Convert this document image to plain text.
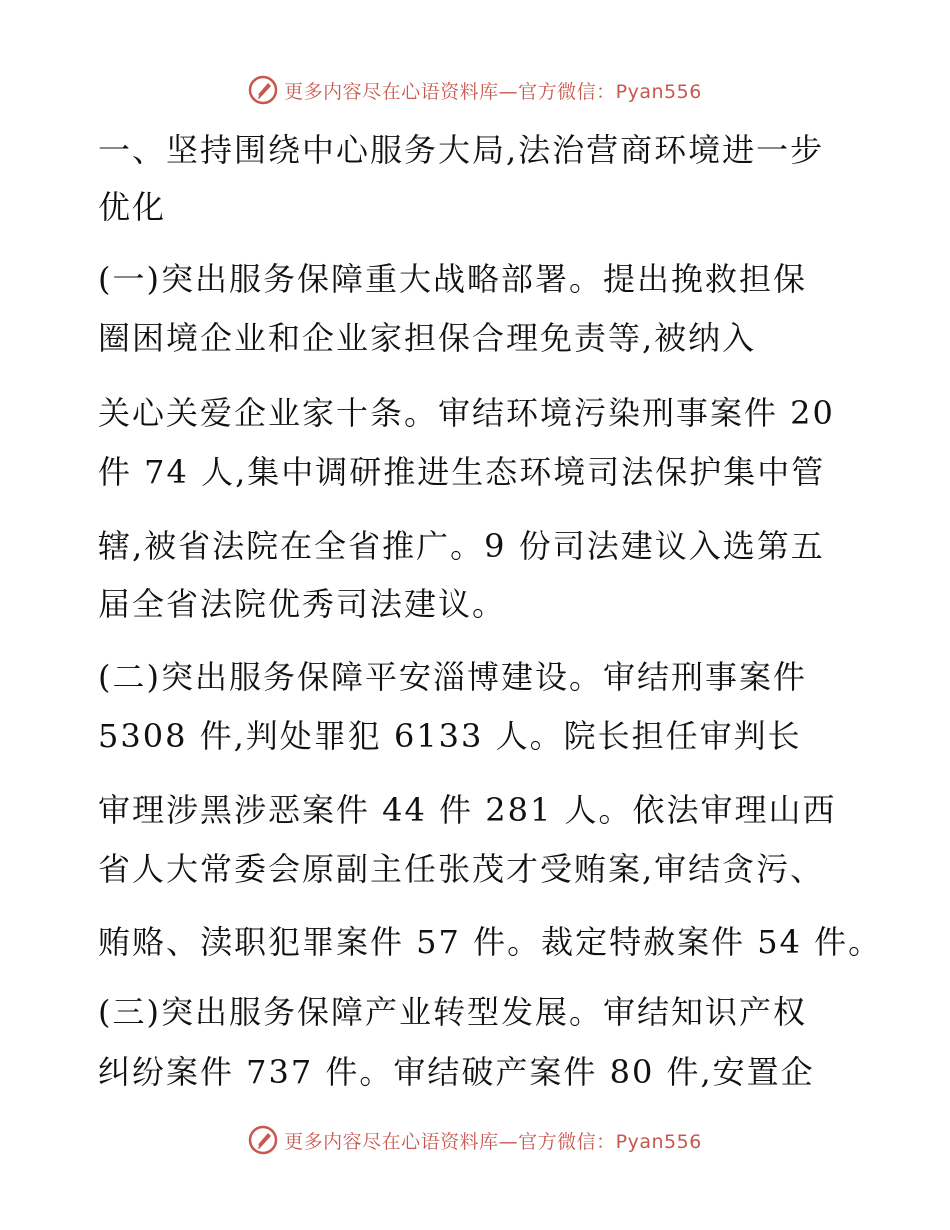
更多内容尽在心语资料库—官方微信：Pyan556
一、坚持围绕中心服务大局,法治营商环境进一步
优化
(一)突出服务保障重大战略部署。提出挽救担保
圈困境企业和企业家担保合理免责等,被纳入
关心关爱企业家十条。审结环境污染刑事案件 20
件 74 人,集中调研推进生态环境司法保护集中管
辖,被省法院在全省推广。9 份司法建议入选第五
届全省法院优秀司法建议。
(二)突出服务保障平安淄博建设。审结刑事案件
5308 件,判处罪犯 6133 人。院长担任审判长
审理涉黑涉恶案件 44 件 281 人。依法审理山西
省人大常委会原副主任张茂才受贿案,审结贪污、
贿赂、渎职犯罪案件 57 件。裁定特赦案件 54 件。
(三)突出服务保障产业转型发展。审结知识产权
纠纷案件 737 件。审结破产案件 80 件,安置企
更多内容尽在心语资料库—官方微信：Pyan556
